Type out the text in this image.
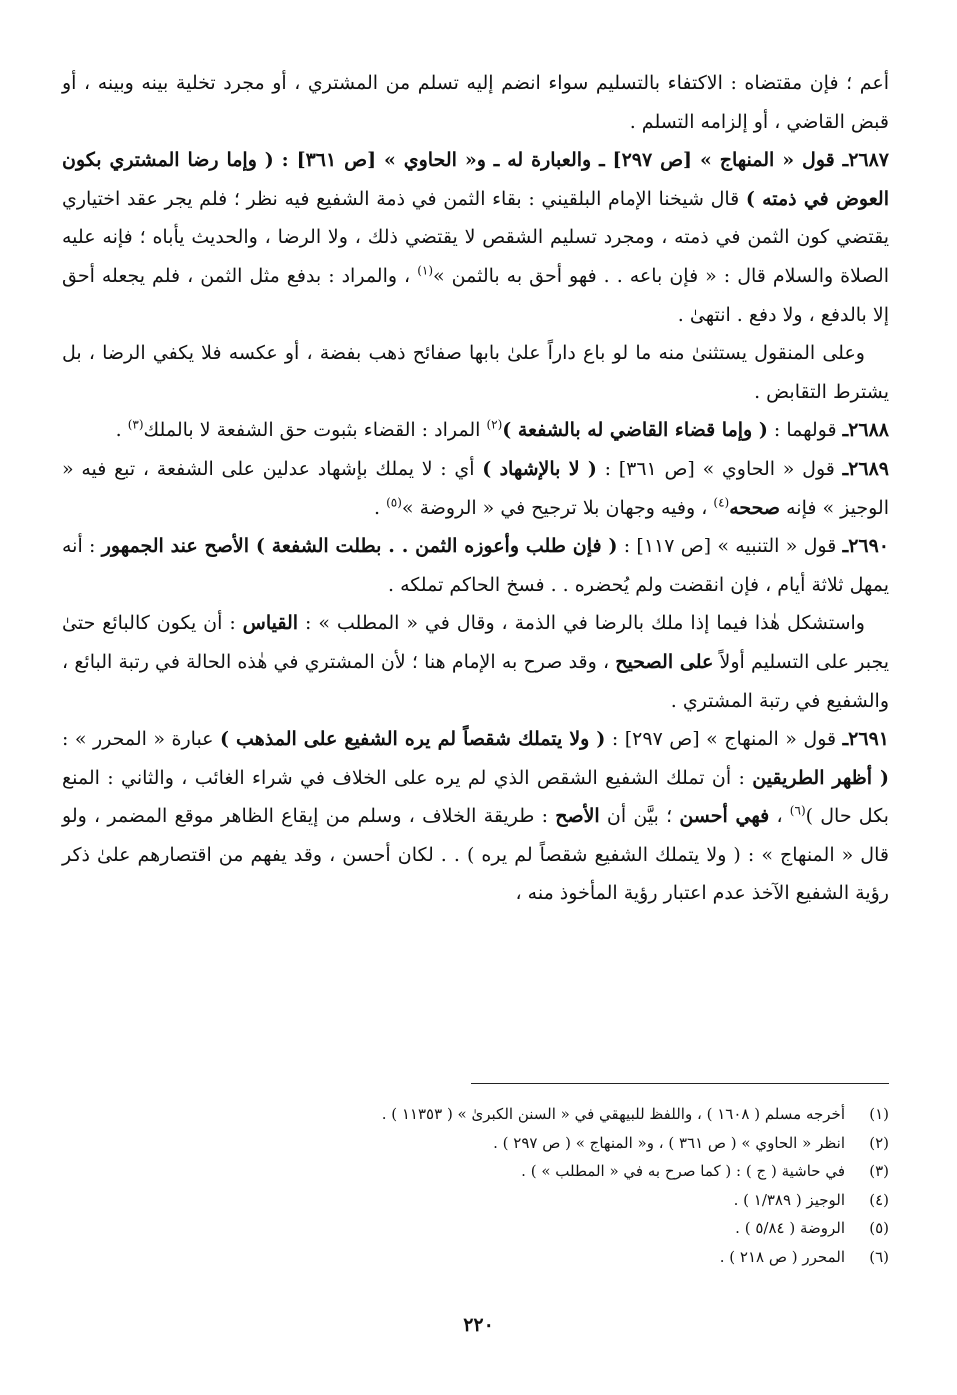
أعم ؛ فإن مقتضاه : الاكتفاء بالتسليم سواء انضم إليه تسلم من المشتري ، أو مجرد تخلية بينه وبينه ، أو قبض القاضي ، أو إلزامه التسلم .

٢٦٨٧ـ قول « المنهاج » [ص ٢٩٧] ـ والعبارة له ـ و« الحاوي » [ص ٣٦١] : ( وإما رضا المشتري بكون العوض في ذمته ) قال شيخنا الإمام البلقيني : بقاء الثمن في ذمة الشفيع فيه نظر ؛ فلم يجر عقد اختياري يقتضي كون الثمن في ذمته ، ومجرد تسليم الشقص لا يقتضي ذلك ، ولا الرضا ، والحديث يأباه ؛ فإنه عليه الصلاة والسلام قال : « فإن باعه . . فهو أحق به بالثمن »$^{(١)}$ ، والمراد : بدفع مثل الثمن ، فلم يجعله أحق إلا بالدفع ، ولا دفع . انتهىٰ .

وعلى المنقول يستثنىٰ منه ما لو باع داراً علىٰ بابها صفائح ذهب بفضة ، أو عكسه فلا يكفي الرضا ، بل يشترط التقابض .

٢٦٨٨ـ قولهما : ( وإما قضاء القاضي له بالشفعة )$^{(٢)}$ المراد : القضاء بثبوت حق الشفعة لا بالملك$^{(٣)}$ .

٢٦٨٩ـ قول « الحاوي » [ص ٣٦١] : ( لا بالإشهاد ) أي : لا يملك بإشهاد عدلين على الشفعة ، تبع فيه « الوجيز » فإنه صححه$^{(٤)}$ ، وفيه وجهان بلا ترجيح في « الروضة »$^{(٥)}$ .

٢٦٩٠ـ قول « التنبيه » [ص ١١٧] : ( فإن طلب وأعوزه الثمن . . بطلت الشفعة ) الأصح عند الجمهور : أنه يمهل ثلاثة أيام ، فإن انقضت ولم يُحضره . . فسخ الحاكم تملكه .

واستشكل هٰذا فيما إذا ملك بالرضا في الذمة ، وقال في « المطلب » : القياس : أن يكون كالبائع حتىٰ يجبر على التسليم أولاً على الصحيح ، وقد صرح به الإمام هنا ؛ لأن المشتري في هٰذه الحالة في رتبة البائع ، والشفيع في رتبة المشتري .

٢٦٩١ـ قول « المنهاج » [ص ٢٩٧] : ( ولا يتملك شقصاً لم يره الشفيع على المذهب ) عبارة « المحرر » : ( أظهر الطريقين : أن تملك الشفيع الشقص الذي لم يره على الخلاف في شراء الغائب ، والثاني : المنع بكل حال )$^{(٦)}$ ، فهي أحسن ؛ بيَّن أن الأصح : طريقة الخلاف ، وسلم من إيقاع الظاهر موقع المضمر ، ولو قال « المنهاج » : ( ولا يتملك الشفيع شقصاً لم يره ) . . لكان أحسن ، وقد يفهم من اقتصارهم علىٰ ذكر رؤية الشفيع الآخذ عدم اعتبار رؤية المأخوذ منه ،

(١)
أخرجه مسلم ( ١٦٠٨ ) ، واللفظ للبيهقي في « السنن الكبرىٰ » ( ١١٣٥٣ ) .
(٢)
انظر « الحاوي » ( ص ٣٦١ ) ، و« المنهاج » ( ص ٢٩٧ ) .
(٣)
في حاشية ( ج ) : ( كما صرح به في « المطلب » ) .
(٤)
الوجيز ( ١/٣٨٩ ) .
(٥)
الروضة ( ٥/٨٤ ) .
(٦)
المحرر ( ص ٢١٨ ) .
٢٢٠
